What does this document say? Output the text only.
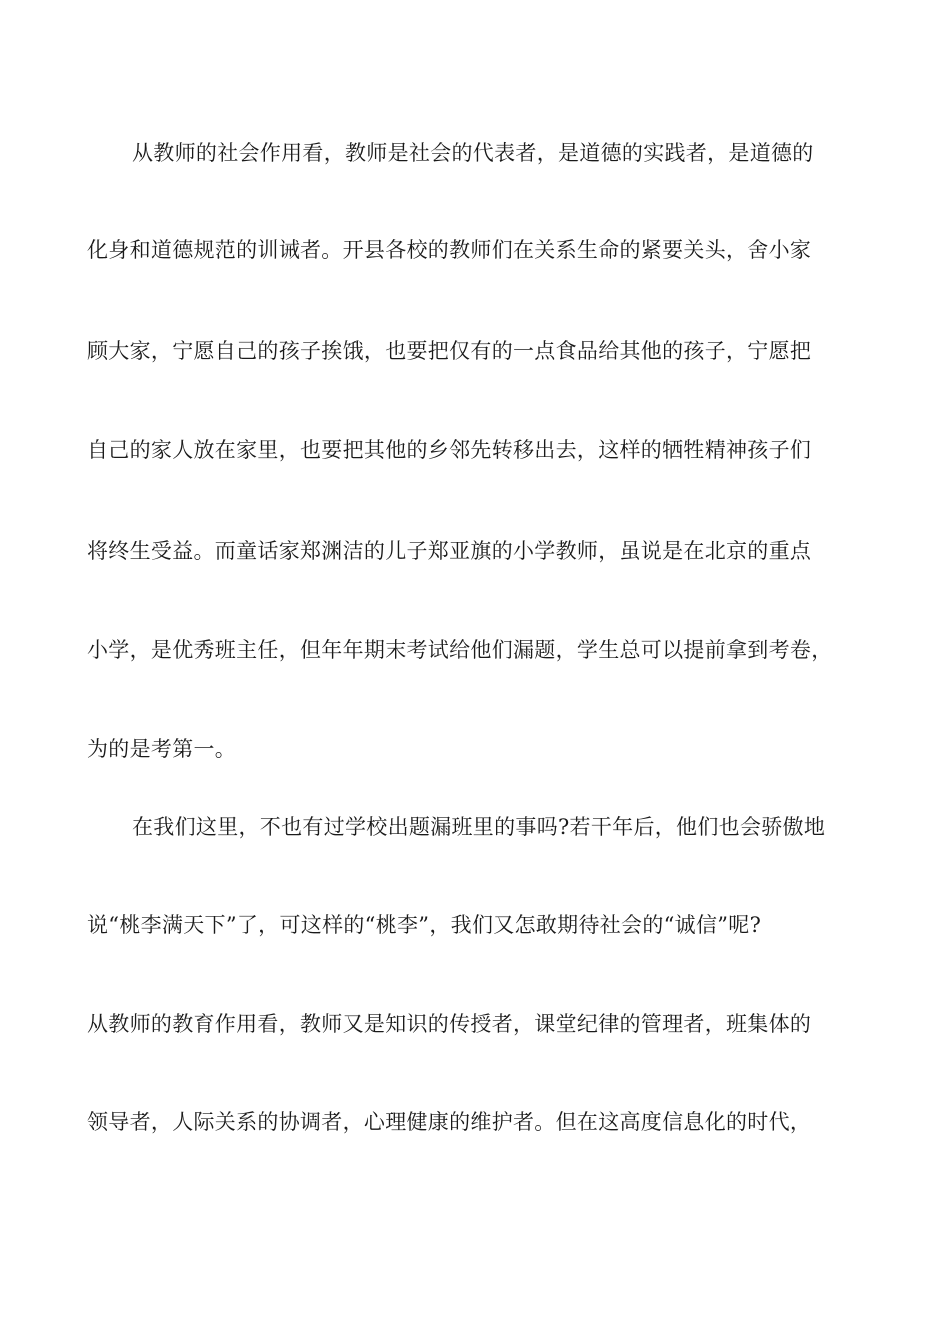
从教师的社会作用看，教师是社会的代表者，是道德的实践者，是道德的
化身和道德规范的训诫者。开县各校的教师们在关系生命的紧要关头，舍小家
顾大家，宁愿自己的孩子挨饿，也要把仅有的一点食品给其他的孩子，宁愿把
自己的家人放在家里，也要把其他的乡邻先转移出去，这样的牺牲精神孩子们
将终生受益。而童话家郑渊洁的儿子郑亚旗的小学教师，虽说是在北京的重点
小学，是优秀班主任，但年年期末考试给他们漏题，学生总可以提前拿到考卷，
为的是考第一。
在我们这里，不也有过学校出题漏班里的事吗?若干年后，他们也会骄傲地
说“桃李满天下”了，可这样的“桃李”，我们又怎敢期待社会的“诚信”呢?
从教师的教育作用看，教师又是知识的传授者，课堂纪律的管理者，班集体的
领导者，人际关系的协调者，心理健康的维护者。但在这高度信息化的时代，
